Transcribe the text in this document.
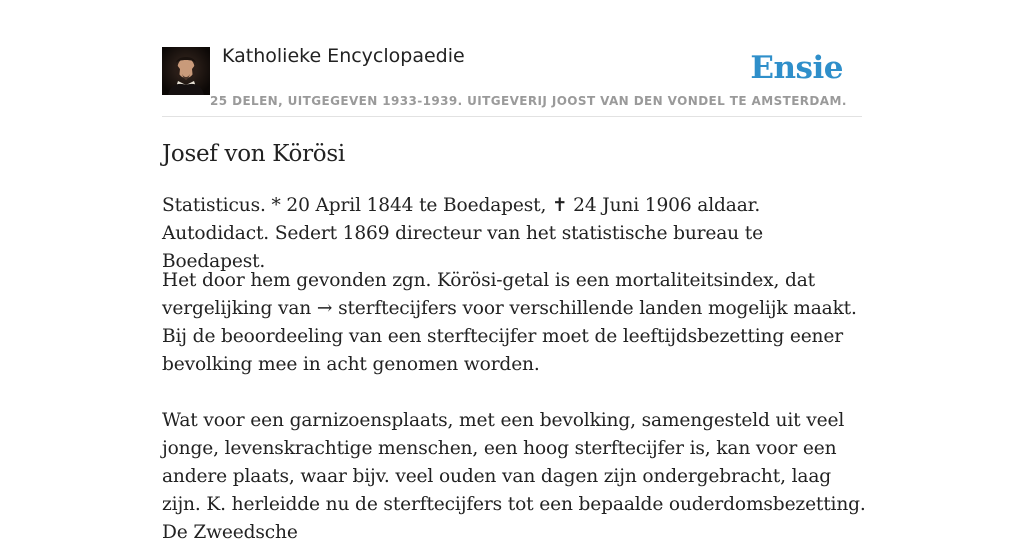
Katholieke Encyclopaedie
25 DELEN, UITGEGEVEN 1933-1939. UITGEVERIJ JOOST VAN DEN VONDEL TE AMSTERDAM.
Ensie
Josef von Körösi

Statisticus. * 20 April 1844 te Boedapest, ✝ 24 Juni 1906 aldaar. Autodidact. Sedert 1869 directeur van het statistische bureau te Boedapest.

Het door hem gevonden zgn. Körösi-getal is een mortaliteitsindex, dat vergelijking van → sterftecijfers voor verschillende landen mogelijk maakt. Bij de beoordeeling van een sterftecijfer moet de leeftijdsbezetting eener bevolking mee in acht genomen worden.

Wat voor een garnizoensplaats, met een bevolking, samengesteld uit veel jonge, levenskrachtige menschen, een hoog sterftecijfer is, kan voor een andere plaats, waar bijv. veel ouden van dagen zijn ondergebracht, laag zijn. K. herleidde nu de sterftecijfers tot een bepaalde ouderdomsbezetting. De Zweedsche
